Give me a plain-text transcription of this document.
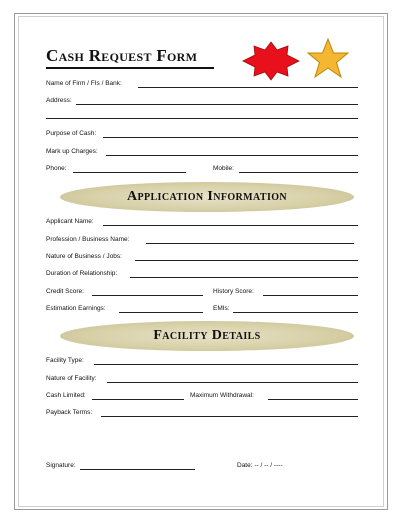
Cash Request Form
Name of Firm / FIs / Bank:
Address:
Purpose of Cash:
Mark up Charges:
Phone:	Mobile:
Application Information
Applicant Name:
Profession / Business Name:
Nature of Business / Jobs:
Duration of Relationship:
Credit Score:	History Score:
Estimation Earnings:	EMIs:
Facility Details
Facility Type:
Nature of Facility:
Cash Limited:	Maximum Withdrawal:
Payback Terms:
Signature:	Date: -- / -- / ----
